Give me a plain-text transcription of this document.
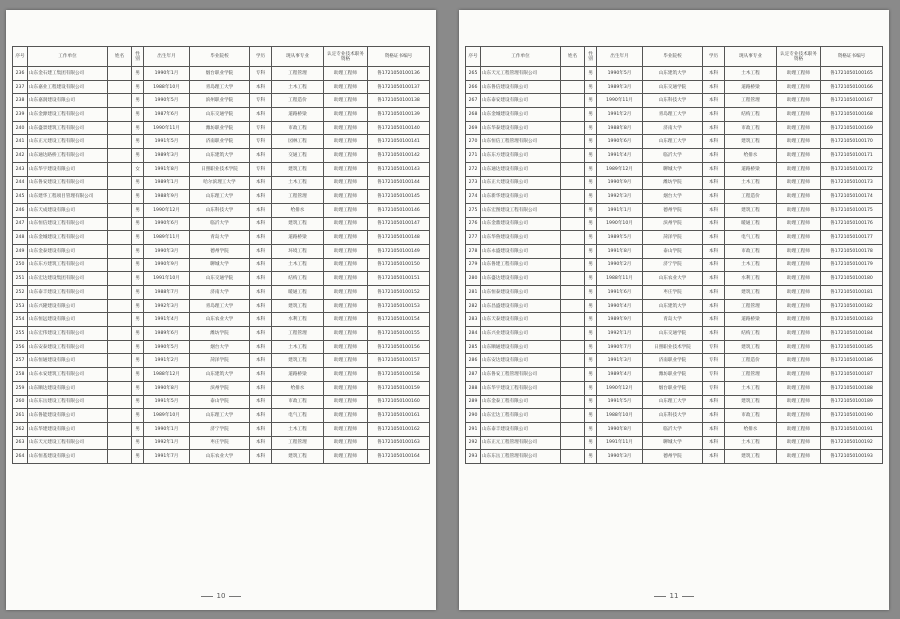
序号	工作单位	姓名	性别	出生年月	毕业院校	学历	现从事专业	认定专业技术职务资格	资格证书编号
236	山东金石建工集团有限公司		男	1990年1月	烟台职业学院	专科	工程管理	助理工程师	鲁1721050100136
237	山东嘉业工程建设有限公司		男	1988年10月	青岛理工大学	本科	土木工程	助理工程师	鲁1721050100137
238	山东嘉润建设有限公司		男	1990年5月	滨州职业学院	专科	工程造价	助理工程师	鲁1721050100138
239	山东金源建设工程有限公司		男	1987年6月	山东交通学院	本科	道路桥梁	助理工程师	鲁1721050100139
240	山东盛景建筑工程有限公司		男	1990年11月	潍坊职业学院	专科	市政工程	助理工程师	鲁1721050100140
241	山东正元建设工程有限公司		男	1991年5月	济南职业学院	专科	园林工程	助理工程师	鲁1721050100141
242	山东通达路桥工程有限公司		男	1989年3月	山东建筑大学	本科	交通工程	助理工程师	鲁1721050100142
243	山东华宇建设有限公司		女	1991年8月	日照职业技术学院	专科	建筑工程	助理工程师	鲁1721050100143
244	山东鲁安建设工程有限公司		男	1989年1月	哈尔滨理工大学	本科	土木工程	助理工程师	鲁1721050100144
245	山东建华工程项目管理有限公司		男	1988年9月	山东理工大学	本科	工程管理	助理工程师	鲁1721050100145
246	山东天成建设有限公司		男	1990年12月	山东科技大学	本科	给排水	助理工程师	鲁1721050100146
247	山东恒信建设工程有限公司		男	1990年6月	临沂大学	本科	建筑工程	助理工程师	鲁1721050100147
248	山东金城建设工程有限公司		男	1989年11月	青岛大学	本科	道路桥梁	助理工程师	鲁1721050100148
249	山东金泰建设有限公司		男	1990年3月	德州学院	本科	环境工程	助理工程师	鲁1721050100149
250	山东东方建筑工程有限公司		男	1990年9月	聊城大学	本科	土木工程	助理工程师	鲁1721050100150
251	山东宏达建设集团有限公司		男	1991年10月	山东交通学院	本科	结构工程	助理工程师	鲁1721050100151
252	山东泰丰建设工程有限公司		男	1988年7月	济南大学	本科	暖通工程	助理工程师	鲁1721050100152
253	山东兴隆建设有限公司		男	1992年3月	青岛理工大学	本科	建筑工程	助理工程师	鲁1721050100153
254	山东恒远建设有限公司		男	1991年4月	山东农业大学	本科	水利工程	助理工程师	鲁1721050100154
255	山东宏伟建设工程有限公司		男	1989年6月	潍坊学院	本科	工程管理	助理工程师	鲁1721050100155
256	山东安泰建设工程有限公司		男	1990年5月	烟台大学	本科	土木工程	助理工程师	鲁1721050100156
257	山东恒通建设有限公司		男	1991年2月	菏泽学院	本科	建筑工程	助理工程师	鲁1721050100157
258	山东永安建筑工程有限公司		男	1988年12月	山东建筑大学	本科	道路桥梁	助理工程师	鲁1721050100158
259	山东顺达建设有限公司		男	1990年8月	滨州学院	本科	给排水	助理工程师	鲁1721050100159
260	山东东岳建设工程有限公司		男	1991年5月	泰山学院	本科	市政工程	助理工程师	鲁1721050100160
261	山东鲁能建设有限公司		男	1989年10月	山东理工大学	本科	电气工程	助理工程师	鲁1721050100161
262	山东华建建设有限公司		男	1990年1月	济宁学院	本科	土木工程	助理工程师	鲁1721050100162
263	山东天元建设工程有限公司		男	1992年1月	枣庄学院	本科	工程管理	助理工程师	鲁1721050100163
264	山东恒基建设有限公司		男	1991年7月	山东农业大学	本科	建筑工程	助理工程师	鲁1721050100164
10
序号	工作单位	姓名	性别	出生年月	毕业院校	学历	现从事专业	认定专业技术职务资格	资格证书编号
265	山东天元工程管理有限公司		男	1990年5月	山东建筑大学	本科	土木工程	助理工程师	鲁1721050100165
266	山东鲁信建设有限公司		男	1989年3月	山东交通学院	本科	道路桥梁	助理工程师	鲁1721050100166
267	山东泰安建设有限公司		男	1990年11月	山东科技大学	本科	工程管理	助理工程师	鲁1721050100167
268	山东金城建设有限公司		男	1991年2月	青岛理工大学	本科	结构工程	助理工程师	鲁1721050100168
269	山东华泰建设有限公司		男	1988年8月	济南大学	本科	市政工程	助理工程师	鲁1721050100169
270	山东恒信工程管理有限公司		男	1990年6月	山东理工大学	本科	建筑工程	助理工程师	鲁1721050100170
271	山东东方建设有限公司		男	1991年4月	临沂大学	本科	给排水	助理工程师	鲁1721050100171
272	山东通达建设有限公司		男	1989年12月	聊城大学	本科	道路桥梁	助理工程师	鲁1721050100172
273	山东正大建设有限公司		男	1990年9月	潍坊学院	本科	土木工程	助理工程师	鲁1721050100173
274	山东新华建设有限公司		男	1992年3月	烟台大学	本科	工程造价	助理工程师	鲁1721050100174
275	山东宏图建设工程有限公司		男	1991年1月	德州学院	本科	建筑工程	助理工程师	鲁1721050100175
276	山东金鼎建设有限公司		男	1990年10月	滨州学院	本科	暖通工程	助理工程师	鲁1721050100176
277	山东华鲁建设有限公司		男	1989年5月	菏泽学院	本科	电气工程	助理工程师	鲁1721050100177
278	山东永盛建设有限公司		男	1991年8月	泰山学院	本科	市政工程	助理工程师	鲁1721050100178
279	山东鲁建工程有限公司		男	1990年2月	济宁学院	本科	土木工程	助理工程师	鲁1721050100179
280	山东盛达建设有限公司		男	1988年11月	山东农业大学	本科	水利工程	助理工程师	鲁1721050100180
281	山东恒泰建设有限公司		男	1991年6月	枣庄学院	本科	建筑工程	助理工程师	鲁1721050100181
282	山东昌盛建设有限公司		男	1990年4月	山东建筑大学	本科	工程管理	助理工程师	鲁1721050100182
283	山东天泰建设有限公司		男	1989年9月	青岛大学	本科	道路桥梁	助理工程师	鲁1721050100183
284	山东兴业建设有限公司		男	1992年1月	山东交通学院	本科	结构工程	助理工程师	鲁1721050100184
285	山东顺通建设有限公司		男	1990年7月	日照职业技术学院	专科	建筑工程	助理工程师	鲁1721050100185
286	山东安达建设有限公司		男	1991年3月	济南职业学院	专科	工程造价	助理工程师	鲁1721050100186
287	山东鲁安工程管理有限公司		男	1989年4月	潍坊职业学院	专科	工程管理	助理工程师	鲁1721050100187
288	山东华宇建设工程有限公司		男	1990年12月	烟台职业学院	专科	土木工程	助理工程师	鲁1721050100188
289	山东金泰工程有限公司		男	1991年5月	山东理工大学	本科	建筑工程	助理工程师	鲁1721050100189
290	山东宏达工程有限公司		男	1988年10月	山东科技大学	本科	市政工程	助理工程师	鲁1721050100190
291	山东泰丰建设有限公司		男	1990年8月	临沂大学	本科	给排水	助理工程师	鲁1721050100191
292	山东正元工程管理有限公司		男	1991年11月	聊城大学	本科	土木工程	助理工程师	鲁1721050100192
293	山东东岳工程管理有限公司		男	1990年3月	德州学院	本科	建筑工程	助理工程师	鲁1721050100193
11
